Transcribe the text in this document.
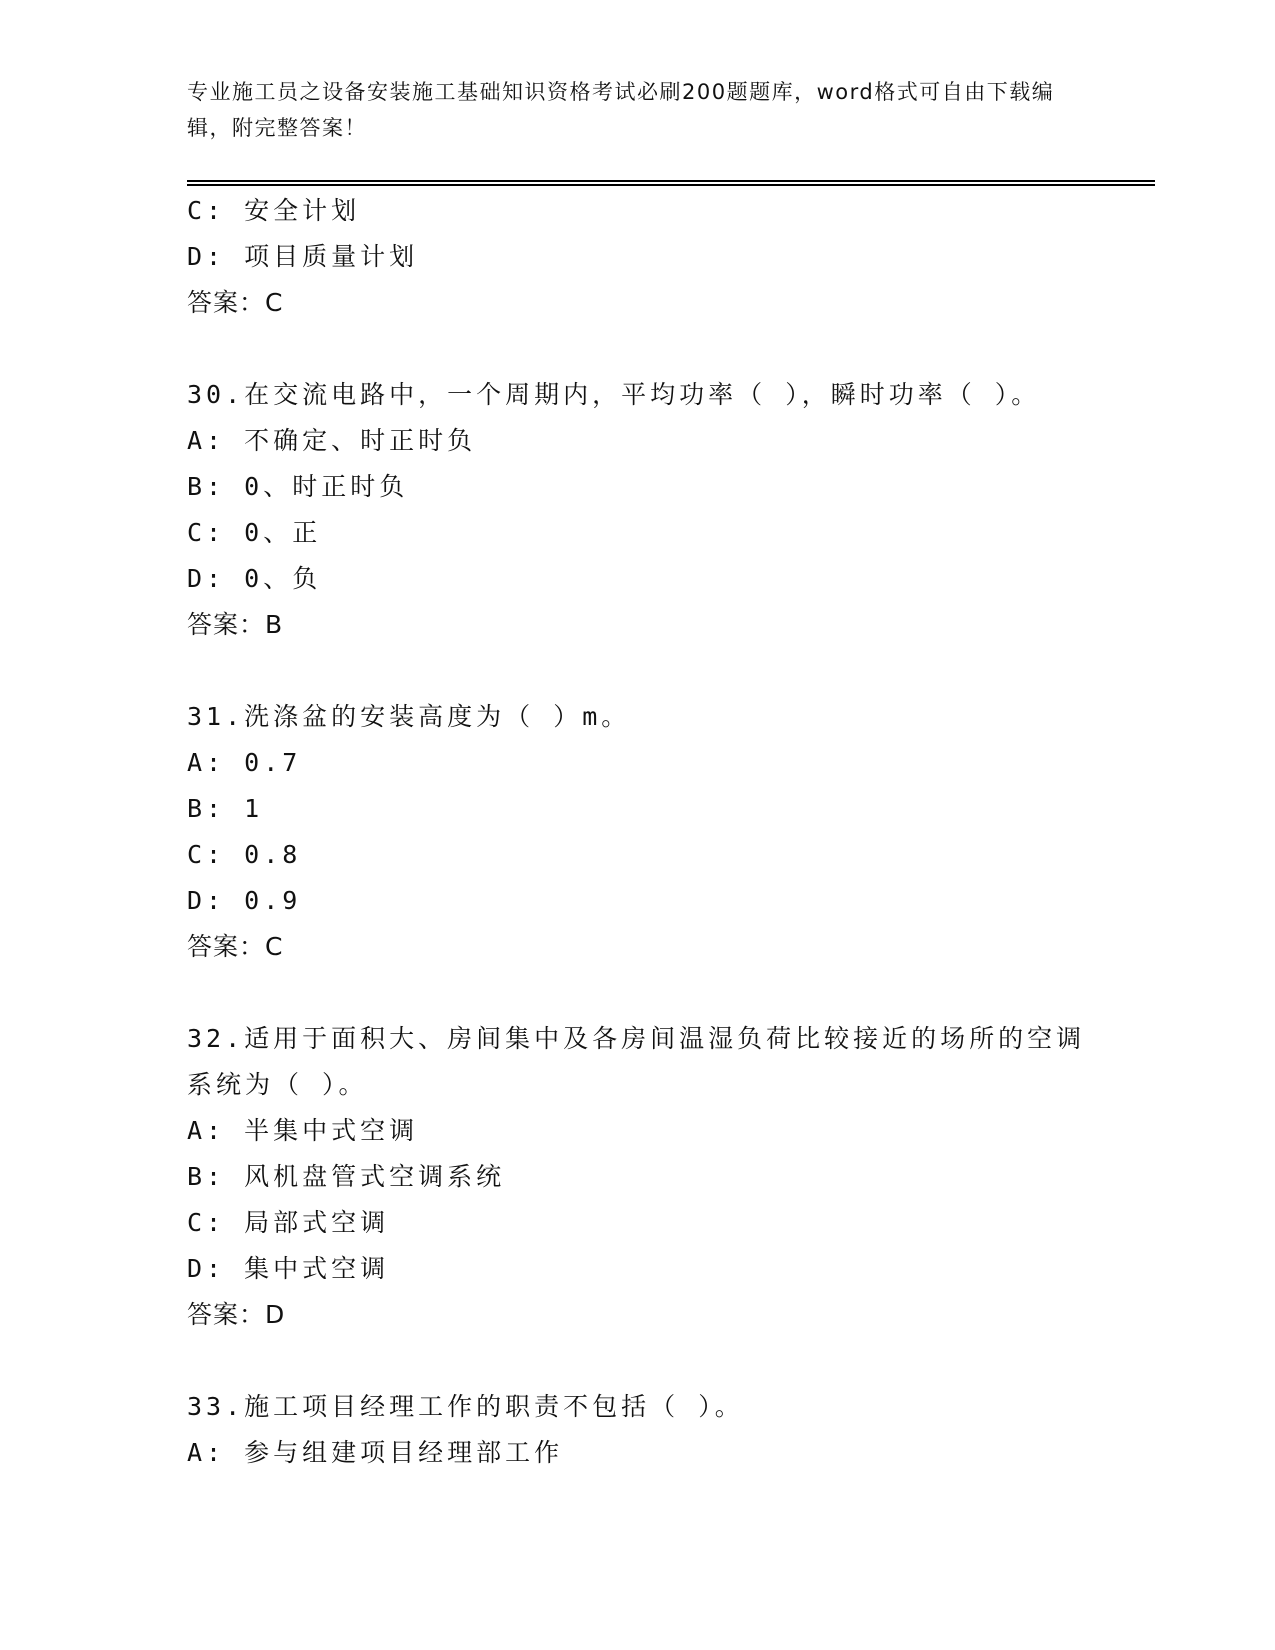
专业施工员之设备安装施工基础知识资格考试必刷200题题库，word格式可自由下载编辑，附完整答案！
C: 安全计划
D: 项目质量计划
答案：C
30.在交流电路中，一个周期内，平均功率（ ），瞬时功率（ ）。
A: 不确定、时正时负
B: 0、时正时负
C: 0、正
D: 0、负
答案：B
31.洗涤盆的安装高度为（ ）m。
A: 0.7
B: 1
C: 0.8
D: 0.9
答案：C
32.适用于面积大、房间集中及各房间温湿负荷比较接近的场所的空调系统为（ ）。
A: 半集中式空调
B: 风机盘管式空调系统
C: 局部式空调
D: 集中式空调
答案：D
33.施工项目经理工作的职责不包括（ ）。
A: 参与组建项目经理部工作
